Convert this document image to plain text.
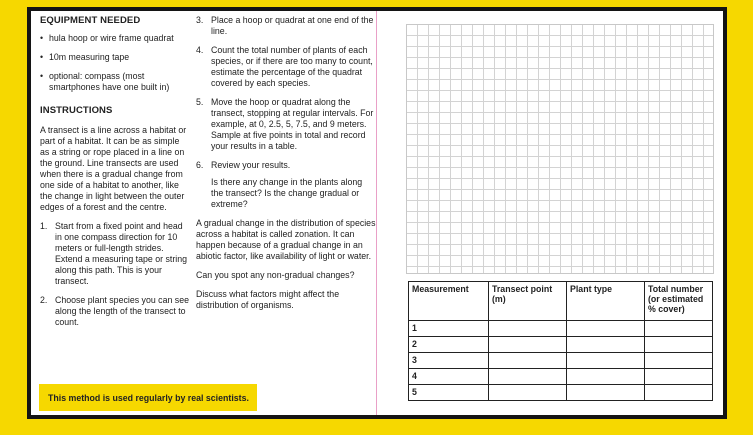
EQUIPMENT NEEDED

• hula hoop or wire frame quadrat
• 10m measuring tape
• optional: compass (most smartphones have one built in)

INSTRUCTIONS

A transect is a line across a habitat or part of a habitat. It can be as simple as a string or rope placed in a line on the ground. Line transects are used when there is a gradual change from one side of a habitat to another, like the change in light between the outer edges of a forest and the centre.

1. Start from a fixed point and head in one compass direction for 10 meters or full-length strides. Extend a measuring tape or string along this path. This is your transect.
2. Choose plant species you can see along the length of the transect to count.
3. Place a hoop or quadrat at one end of the line.
4. Count the total number of plants of each species, or if there are too many to count, estimate the percentage of the quadrat covered by each species.
5. Move the hoop or quadrat along the transect, stopping at regular intervals. For example, at 0, 2.5, 5, 7.5, and 9 meters. Sample at five points in total and record your results in a table.
6. Review your results.

Is there any change in the plants along the transect? Is the change gradual or extreme?

A gradual change in the distribution of species across a habitat is called zonation. It can happen because of a gradual change in an abiotic factor, like availability of light or water.

Can you spot any non-gradual changes?

Discuss what factors might affect the distribution of organisms.

This method is used regularly by real scientists.
Measurement	Transect point (m)	Plant type	Total number (or estimated % cover)
1			
2			
3			
4			
5			
